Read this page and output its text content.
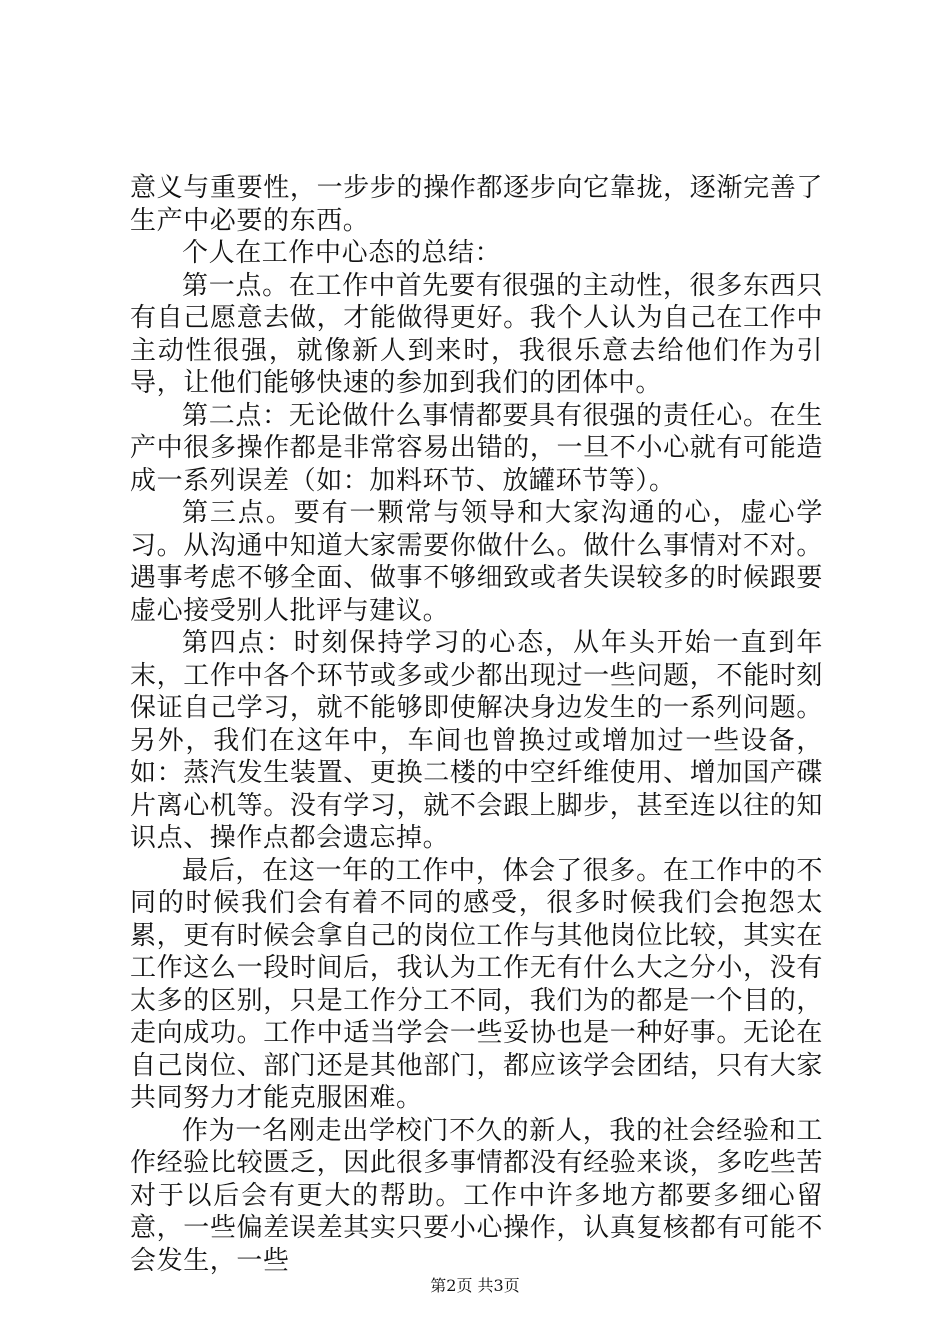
意义与重要性，一步步的操作都逐步向它靠拢，逐渐完善了生产中必要的东西。

个人在工作中心态的总结：

第一点。在工作中首先要有很强的主动性，很多东西只有自己愿意去做，才能做得更好。我个人认为自己在工作中主动性很强，就像新人到来时，我很乐意去给他们作为引导，让他们能够快速的参加到我们的团体中。

第二点：无论做什么事情都要具有很强的责任心。在生产中很多操作都是非常容易出错的，一旦不小心就有可能造成一系列误差（如：加料环节、放罐环节等）。

第三点。要有一颗常与领导和大家沟通的心，虚心学习。从沟通中知道大家需要你做什么。做什么事情对不对。遇事考虑不够全面、做事不够细致或者失误较多的时候跟要虚心接受别人批评与建议。

第四点：时刻保持学习的心态，从年头开始一直到年末，工作中各个环节或多或少都出现过一些问题，不能时刻保证自己学习，就不能够即使解决身边发生的一系列问题。另外，我们在这年中，车间也曾换过或增加过一些设备，如：蒸汽发生装置、更换二楼的中空纤维使用、增加国产碟片离心机等。没有学习，就不会跟上脚步，甚至连以往的知识点、操作点都会遗忘掉。

最后，在这一年的工作中，体会了很多。在工作中的不同的时候我们会有着不同的感受，很多时候我们会抱怨太累，更有时候会拿自己的岗位工作与其他岗位比较，其实在工作这么一段时间后，我认为工作无有什么大之分小，没有太多的区别，只是工作分工不同，我们为的都是一个目的，走向成功。工作中适当学会一些妥协也是一种好事。无论在自己岗位、部门还是其他部门，都应该学会团结，只有大家共同努力才能克服困难。

作为一名刚走出学校门不久的新人，我的社会经验和工作经验比较匮乏，因此很多事情都没有经验来谈，多吃些苦对于以后会有更大的帮助。工作中许多地方都要多细心留意，一些偏差误差其实只要小心操作，认真复核都有可能不会发生，一些

第2页 共3页
